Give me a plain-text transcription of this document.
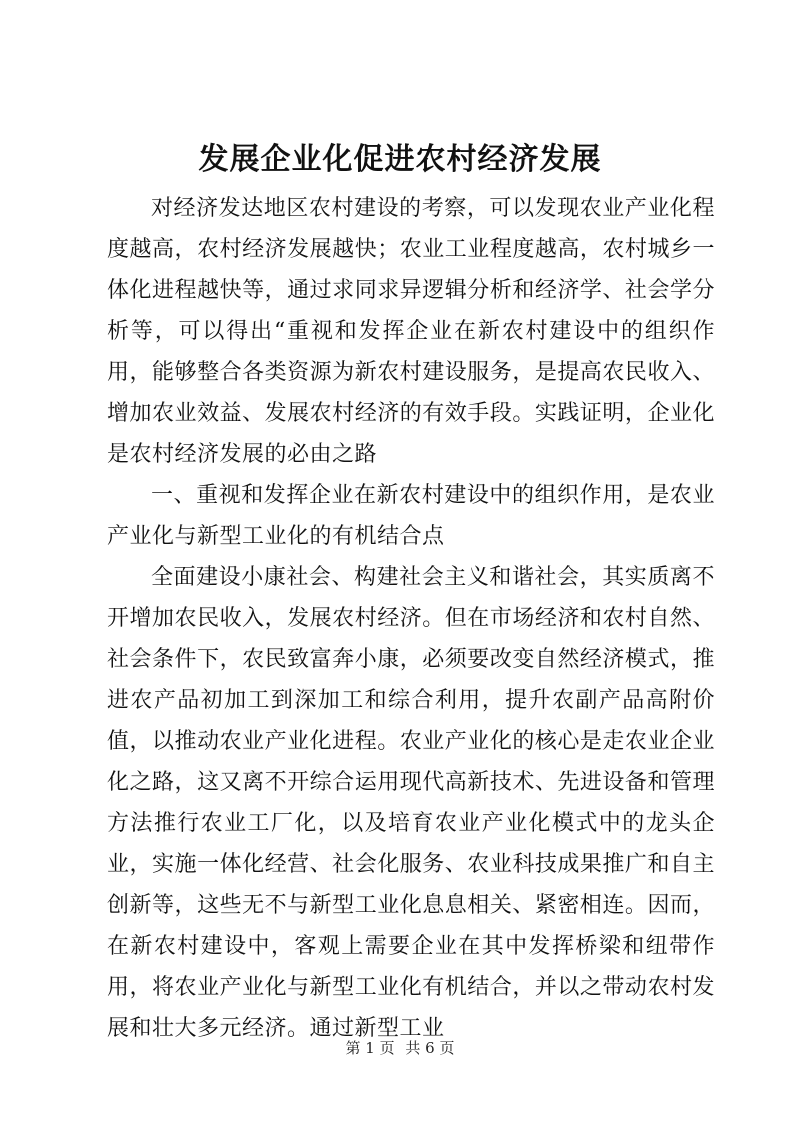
发展企业化促进农村经济发展

对经济发达地区农村建设的考察，可以发现农业产业化程度越高，农村经济发展越快；农业工业程度越高，农村城乡一体化进程越快等，通过求同求异逻辑分析和经济学、社会学分析等，可以得出“重视和发挥企业在新农村建设中的组织作用，能够整合各类资源为新农村建设服务，是提高农民收入、增加农业效益、发展农村经济的有效手段。实践证明，企业化是农村经济发展的必由之路

一、重视和发挥企业在新农村建设中的组织作用，是农业产业化与新型工业化的有机结合点

全面建设小康社会、构建社会主义和谐社会，其实质离不开增加农民收入，发展农村经济。但在市场经济和农村自然、社会条件下，农民致富奔小康，必须要改变自然经济模式，推进农产品初加工到深加工和综合利用，提升农副产品高附价值，以推动农业产业化进程。农业产业化的核心是走农业企业化之路，这又离不开综合运用现代高新技术、先进设备和管理方法推行农业工厂化，以及培育农业产业化模式中的龙头企业，实施一体化经营、社会化服务、农业科技成果推广和自主创新等，这些无不与新型工业化息息相关、紧密相连。因而，在新农村建设中，客观上需要企业在其中发挥桥梁和纽带作用，将农业产业化与新型工业化有机结合，并以之带动农村发展和壮大多元经济。通过新型工业

第 1 页 共 6 页
